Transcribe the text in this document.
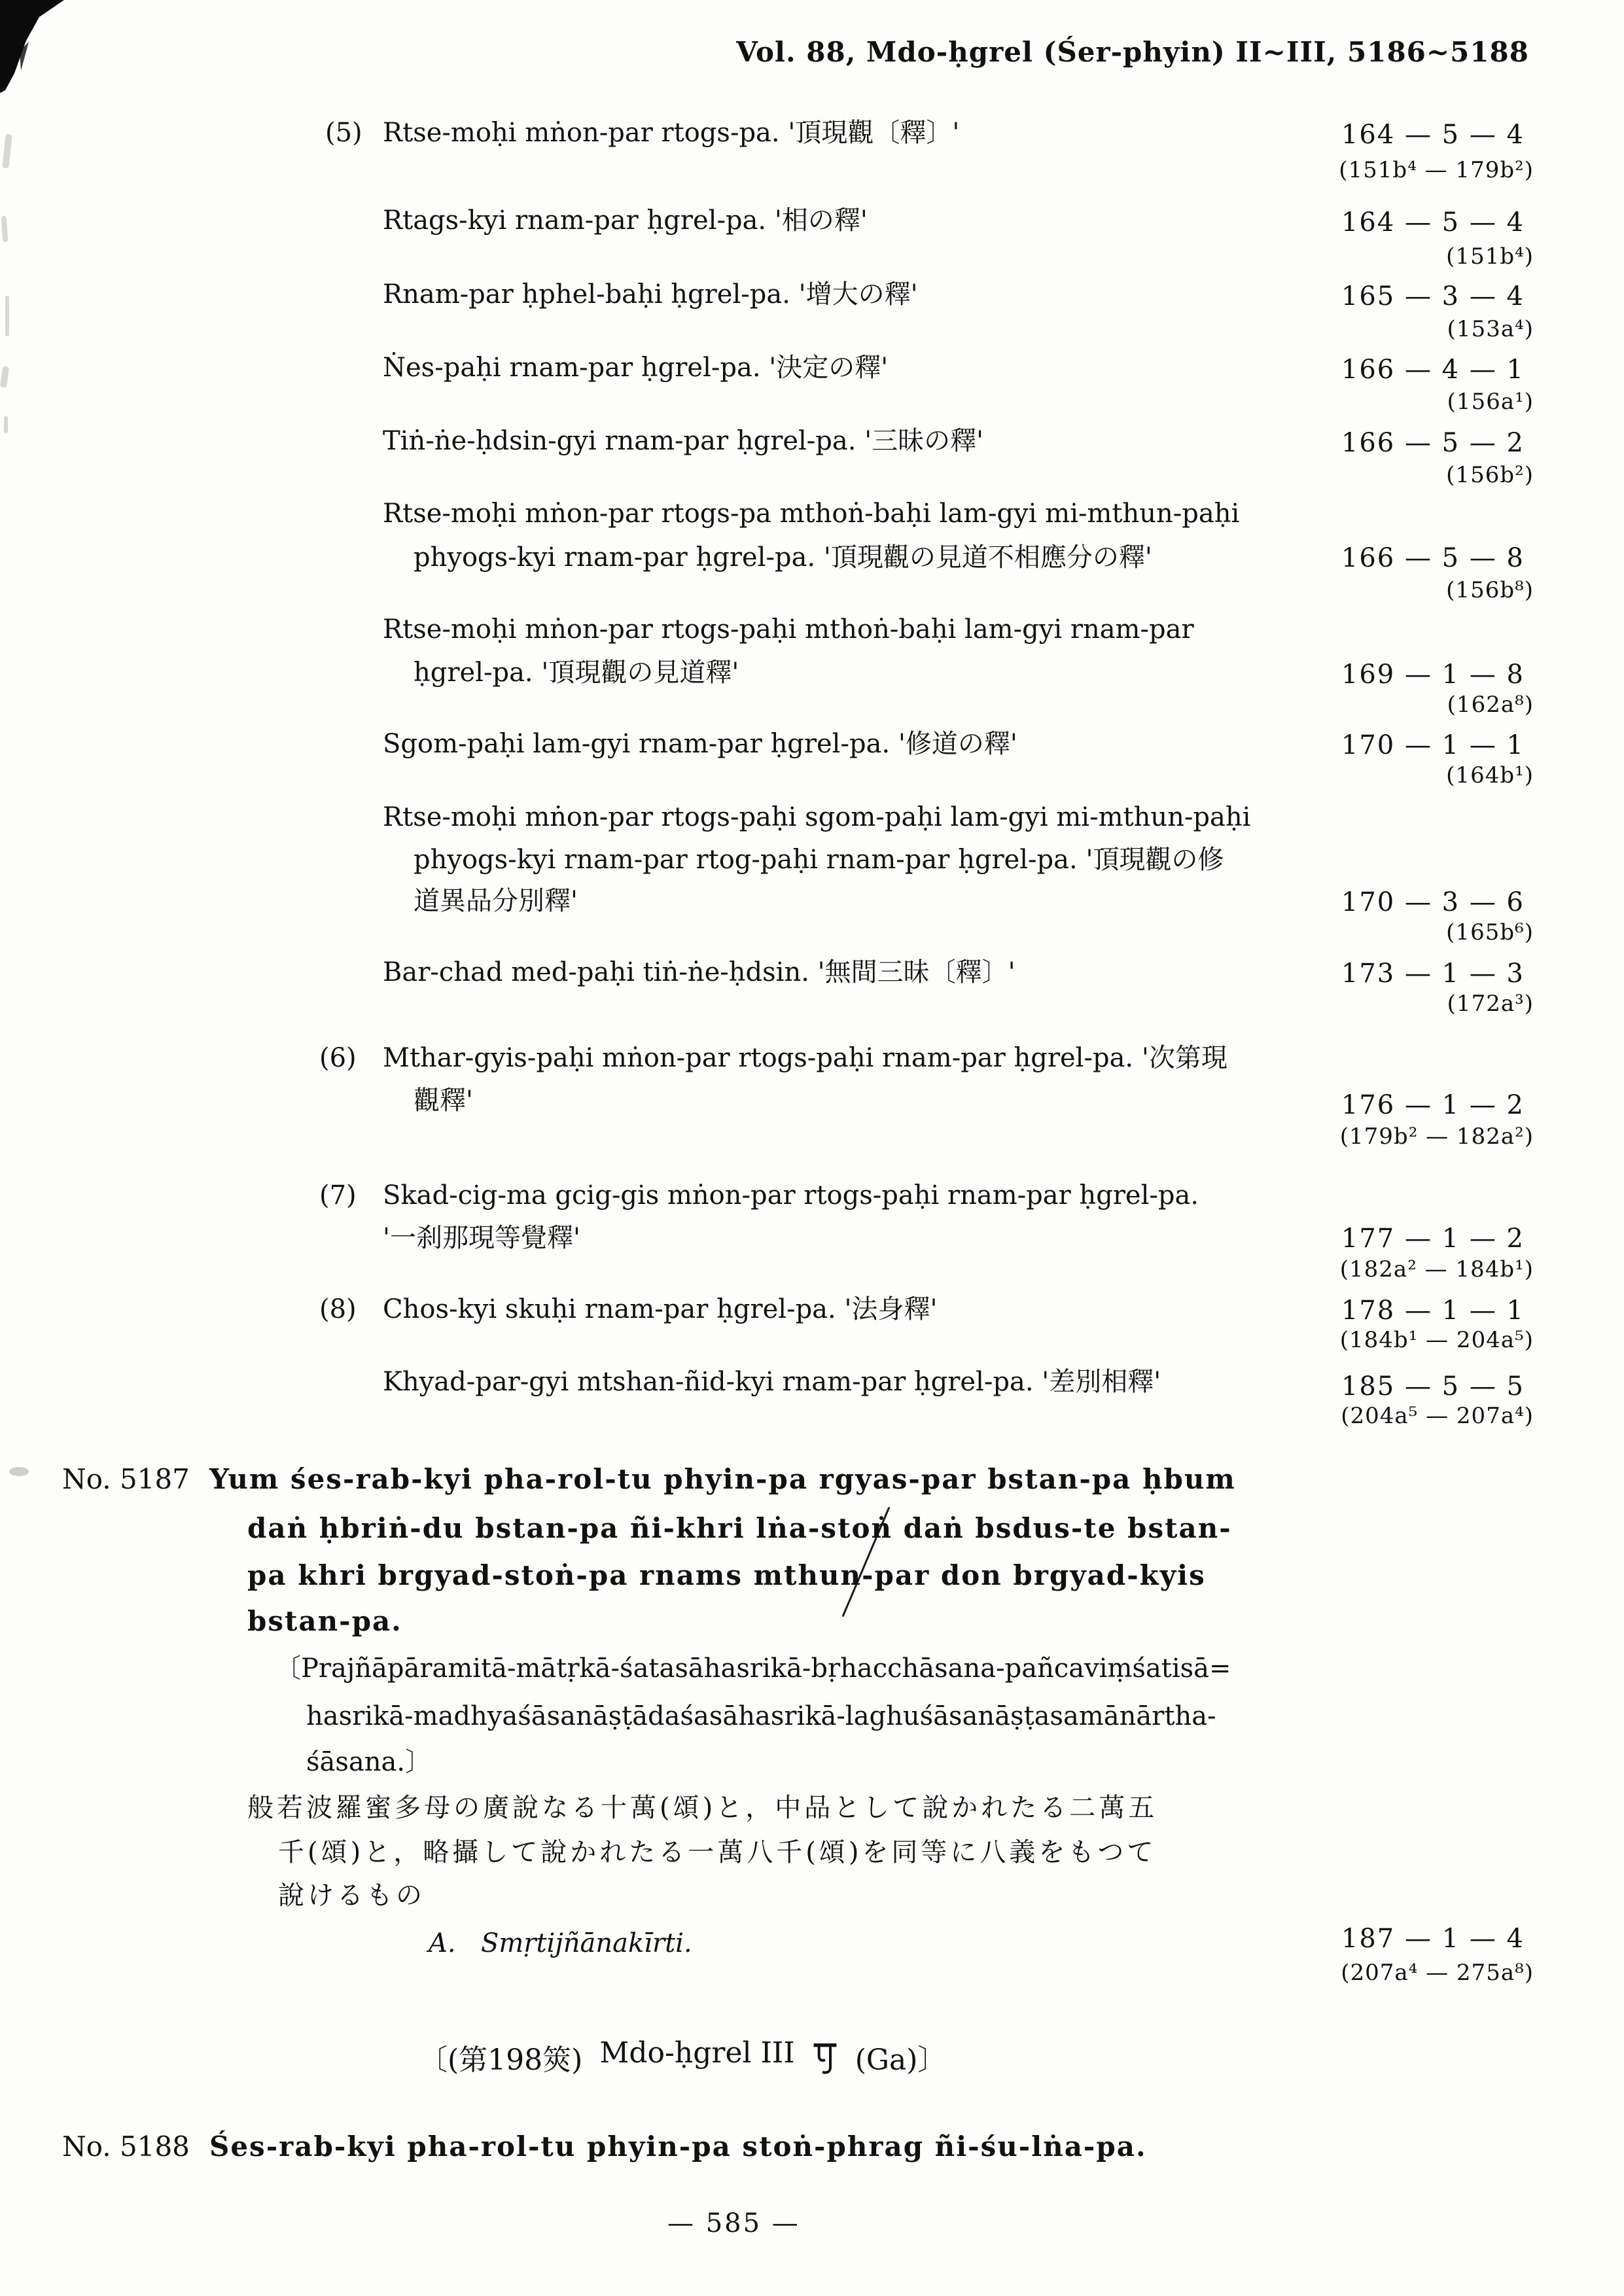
Vol. 88, Mdo-ḥgrel (Śer-phyin) II~III, 5186~5188
(5) Rtse-moḥi mṅon-par rtogs-pa. '頂現觀〔釋〕'	164 — 5 — 4
(151b⁴ — 179b²)
Rtags-kyi rnam-par ḥgrel-pa. '相の釋'	164 — 5 — 4
(151b⁴)
Rnam-par ḥphel-baḥi ḥgrel-pa. '增大の釋'	165 — 3 — 4
(153a⁴)
Ṅes-paḥi rnam-par ḥgrel-pa. '決定の釋'	166 — 4 — 1
(156a¹)
Tiṅ-ṅe-ḥdsin-gyi rnam-par ḥgrel-pa. '三昧の釋'	166 — 5 — 2
(156b²)
Rtse-moḥi mṅon-par rtogs-pa mthoṅ-baḥi lam-gyi mi-mthun-paḥi
phyogs-kyi rnam-par ḥgrel-pa. '頂現觀の見道不相應分の釋'	166 — 5 — 8
(156b⁸)
Rtse-moḥi mṅon-par rtogs-paḥi mthoṅ-baḥi lam-gyi rnam-par
ḥgrel-pa. '頂現觀の見道釋'	169 — 1 — 8
(162a⁸)
Sgom-paḥi lam-gyi rnam-par ḥgrel-pa. '修道の釋'	170 — 1 — 1
(164b¹)
Rtse-moḥi mṅon-par rtogs-paḥi sgom-paḥi lam-gyi mi-mthun-paḥi
phyogs-kyi rnam-par rtog-paḥi rnam-par ḥgrel-pa. '頂現觀の修
道異品分別釋'	170 — 3 — 6
(165b⁶)
Bar-chad med-paḥi tiṅ-ṅe-ḥdsin. '無間三昧〔釋〕'	173 — 1 — 3
(172a³)
(6) Mthar-gyis-paḥi mṅon-par rtogs-paḥi rnam-par ḥgrel-pa. '次第現
觀釋'	176 — 1 — 2
(179b² — 182a²)
(7) Skad-cig-ma gcig-gis mṅon-par rtogs-paḥi rnam-par ḥgrel-pa.
'一刹那現等覺釋'	177 — 1 — 2
(182a² — 184b¹)
(8) Chos-kyi skuḥi rnam-par ḥgrel-pa. '法身釋'	178 — 1 — 1
(184b¹ — 204a⁵)
Khyad-par-gyi mtshan-ñid-kyi rnam-par ḥgrel-pa. '差別相釋'	185 — 5 — 5
(204a⁵ — 207a⁴)
No. 5187 Yum śes-rab-kyi pha-rol-tu phyin-pa rgyas-par bstan-pa ḥbum
daṅ ḥbriṅ-du bstan-pa ñi-khri lṅa-stoṅ daṅ bsdus-te bstan-
pa khri brgyad-stoṅ-pa rnams mthun-par don brgyad-kyis
bstan-pa.
〔Prajñāpāramitā-mātṛkā-śatasāhasrikā-bṛhacchāsana-pañcaviṃśatisā=
hasrikā-madhyaśāsanāṣṭādaśasāhasrikā-laghuśāsanāṣṭasamānārtha-
śāsana.〕
般若波羅蜜多母の廣說なる十萬(頌)と，中品として說かれたる二萬五
千(頌)と，略攝して說かれたる一萬八千(頌)を同等に八義をもつて
說けるもの
A. Smṛtijñānakīrti.	187 — 1 — 4
(207a⁴ — 275a⁸)
〔(第198筴) Mdo-ḥgrel III (Ga)〕
No. 5188 Śes-rab-kyi pha-rol-tu phyin-pa stoṅ-phrag ñi-śu-lṅa-pa.
— 585 —
